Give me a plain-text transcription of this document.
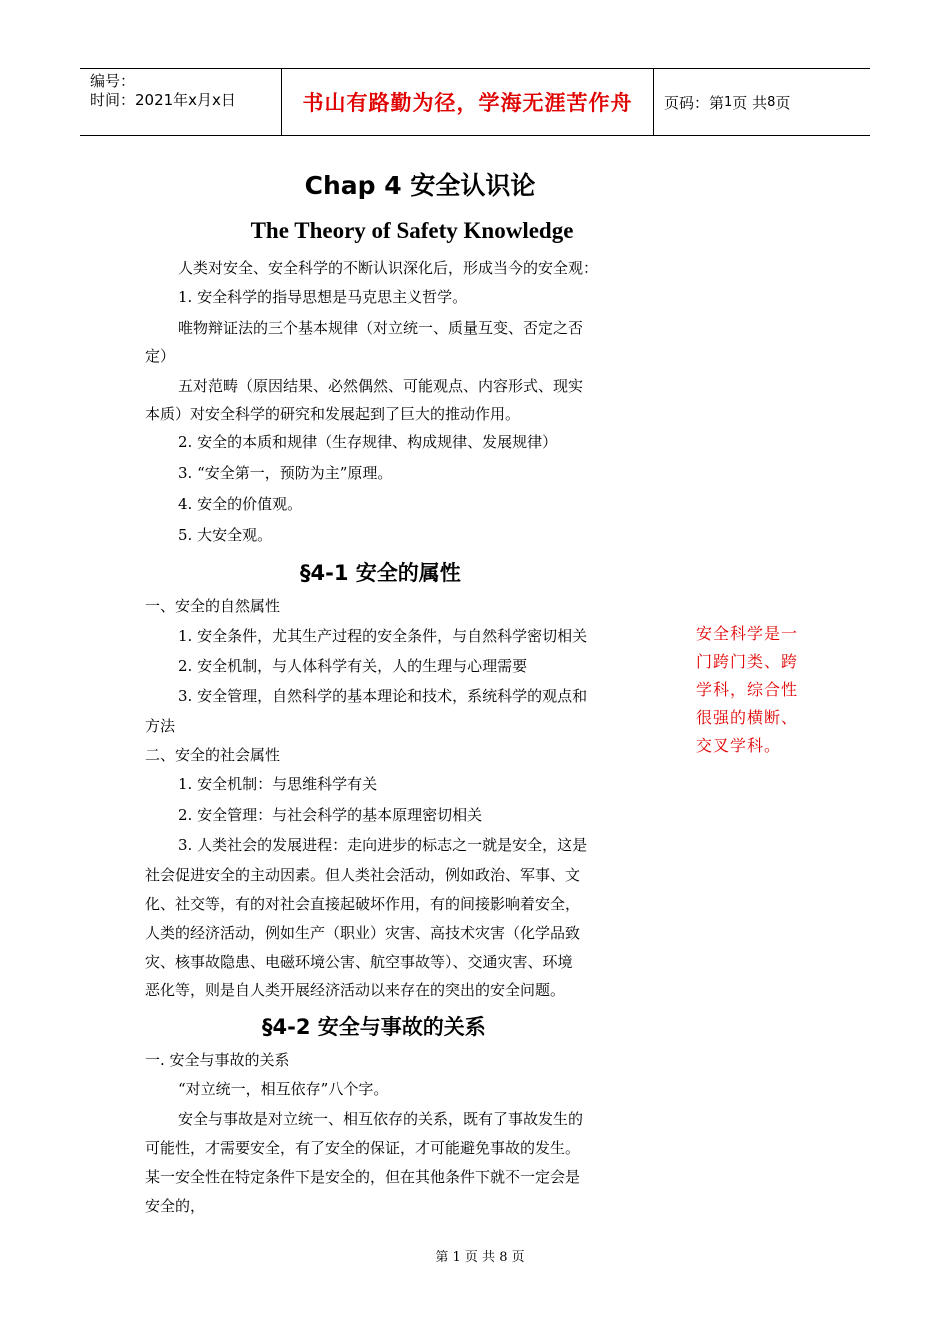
编号：
时间：2021年x月x日	书山有路勤为径，学海无涯苦作舟	页码：第 1 页 共 8 页
Chap 4 安全认识论
The Theory of Safety Knowledge
人类对安全、安全科学的不断认识深化后，形成当今的安全观：
1. 安全科学的指导思想是马克思主义哲学。
唯物辩证法的三个基本规律（对立统一、质量互变、否定之否
定）
五对范畴（原因结果、必然偶然、可能观点、内容形式、现实
本质）对安全科学的研究和发展起到了巨大的推动作用。
2. 安全的本质和规律（生存规律、构成规律、发展规律）
3. “安全第一，预防为主”原理。
4. 安全的价值观。
5. 大安全观。
§4-1 安全的属性
一、安全的自然属性
1. 安全条件，尤其生产过程的安全条件，与自然科学密切相关
2. 安全机制，与人体科学有关，人的生理与心理需要
3. 安全管理，自然科学的基本理论和技术，系统科学的观点和
方法
二、安全的社会属性
1. 安全机制：与思维科学有关
2. 安全管理：与社会科学的基本原理密切相关
3. 人类社会的发展进程：走向进步的标志之一就是安全，这是
社会促进安全的主动因素。但人类社会活动，例如政治、军事、文
化、社交等，有的对社会直接起破坏作用，有的间接影响着安全，
人类的经济活动，例如生产（职业）灾害、高技术灾害（化学品致
灾、核事故隐患、电磁环境公害、航空事故等）、交通灾害、环境
恶化等，则是自人类开展经济活动以来存在的突出的安全问题。
安全科学是一门跨门类、跨学科，综合性很强的横断、交叉学科。
§4-2 安全与事故的关系
一. 安全与事故的关系
“对立统一，相互依存”八个字。
安全与事故是对立统一、相互依存的关系，既有了事故发生的
可能性，才需要安全，有了安全的保证，才可能避免事故的发生。
某一安全性在特定条件下是安全的，但在其他条件下就不一定会是
安全的，
第 1 页 共 8 页
